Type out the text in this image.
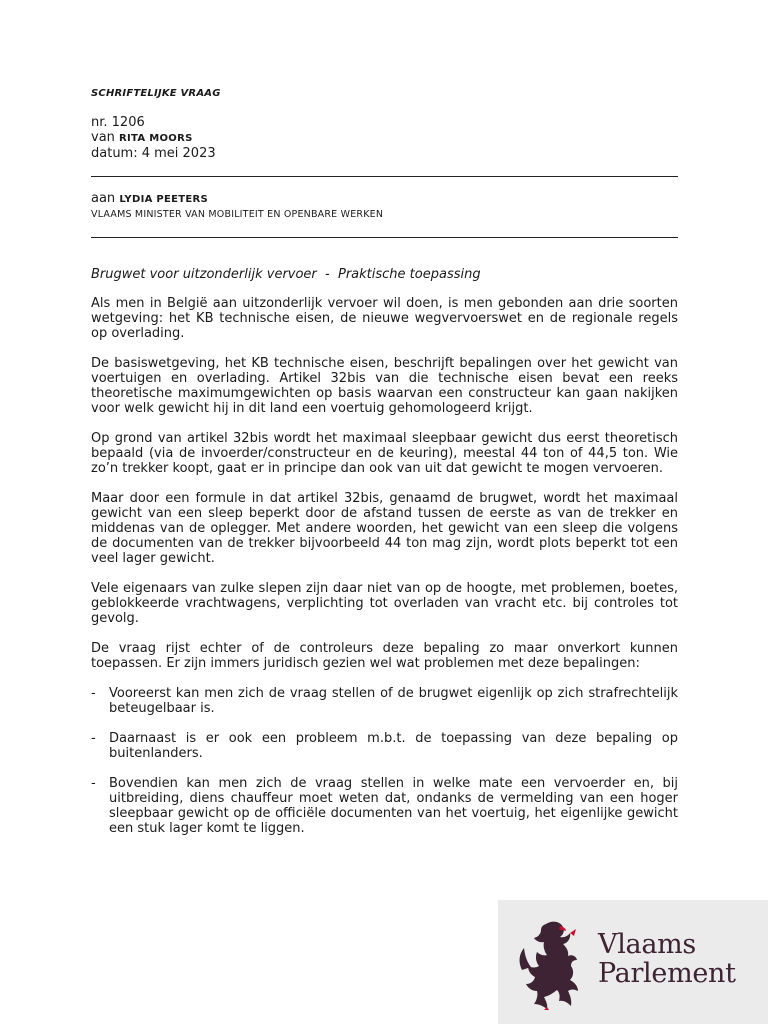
SCHRIFTELIJKE VRAAG
nr. 1206
van RITA MOORS
datum: 4 mei 2023
aan LYDIA PEETERS
VLAAMS MINISTER VAN MOBILITEIT EN OPENBARE WERKEN
Brugwet voor uitzonderlijk vervoer  -  Praktische toepassing

Als men in België aan uitzonderlijk vervoer wil doen, is men gebonden aan drie soorten wetgeving: het KB technische eisen, de nieuwe wegvervoerswet en de regionale regels op overlading.

De basiswetgeving, het KB technische eisen, beschrijft bepalingen over het gewicht van voertuigen en overlading. Artikel 32bis van die technische eisen bevat een reeks theoretische maximumgewichten op basis waarvan een constructeur kan gaan nakijken voor welk gewicht hij in dit land een voertuig gehomologeerd krijgt.

Op grond van artikel 32bis wordt het maximaal sleepbaar gewicht dus eerst theoretisch bepaald (via de invoerder/constructeur en de keuring), meestal 44 ton of 44,5 ton. Wie zo’n trekker koopt, gaat er in principe dan ook van uit dat gewicht te mogen vervoeren.

Maar door een formule in dat artikel 32bis, genaamd de brugwet, wordt het maximaal gewicht van een sleep beperkt door de afstand tussen de eerste as van de trekker en middenas van de oplegger. Met andere woorden, het gewicht van een sleep die volgens de documenten van de trekker bijvoorbeeld 44 ton mag zijn, wordt plots beperkt tot een veel lager gewicht.

Vele eigenaars van zulke slepen zijn daar niet van op de hoogte, met problemen, boetes, geblokkeerde vrachtwagens, verplichting tot overladen van vracht etc. bij controles tot gevolg.

De vraag rijst echter of de controleurs deze bepaling zo maar onverkort kunnen toepassen. Er zijn immers juridisch gezien wel wat problemen met deze bepalingen:

- Vooreerst kan men zich de vraag stellen of de brugwet eigenlijk op zich strafrechtelijk beteugelbaar is.
- Daarnaast is er ook een probleem m.b.t. de toepassing van deze bepaling op buitenlanders.
- Bovendien kan men zich de vraag stellen in welke mate een vervoerder en, bij uitbreiding, diens chauffeur moet weten dat, ondanks de vermelding van een hoger sleepbaar gewicht op de officiële documenten van het voertuig, het eigenlijke gewicht een stuk lager komt te liggen.
Vlaams
Parlement
